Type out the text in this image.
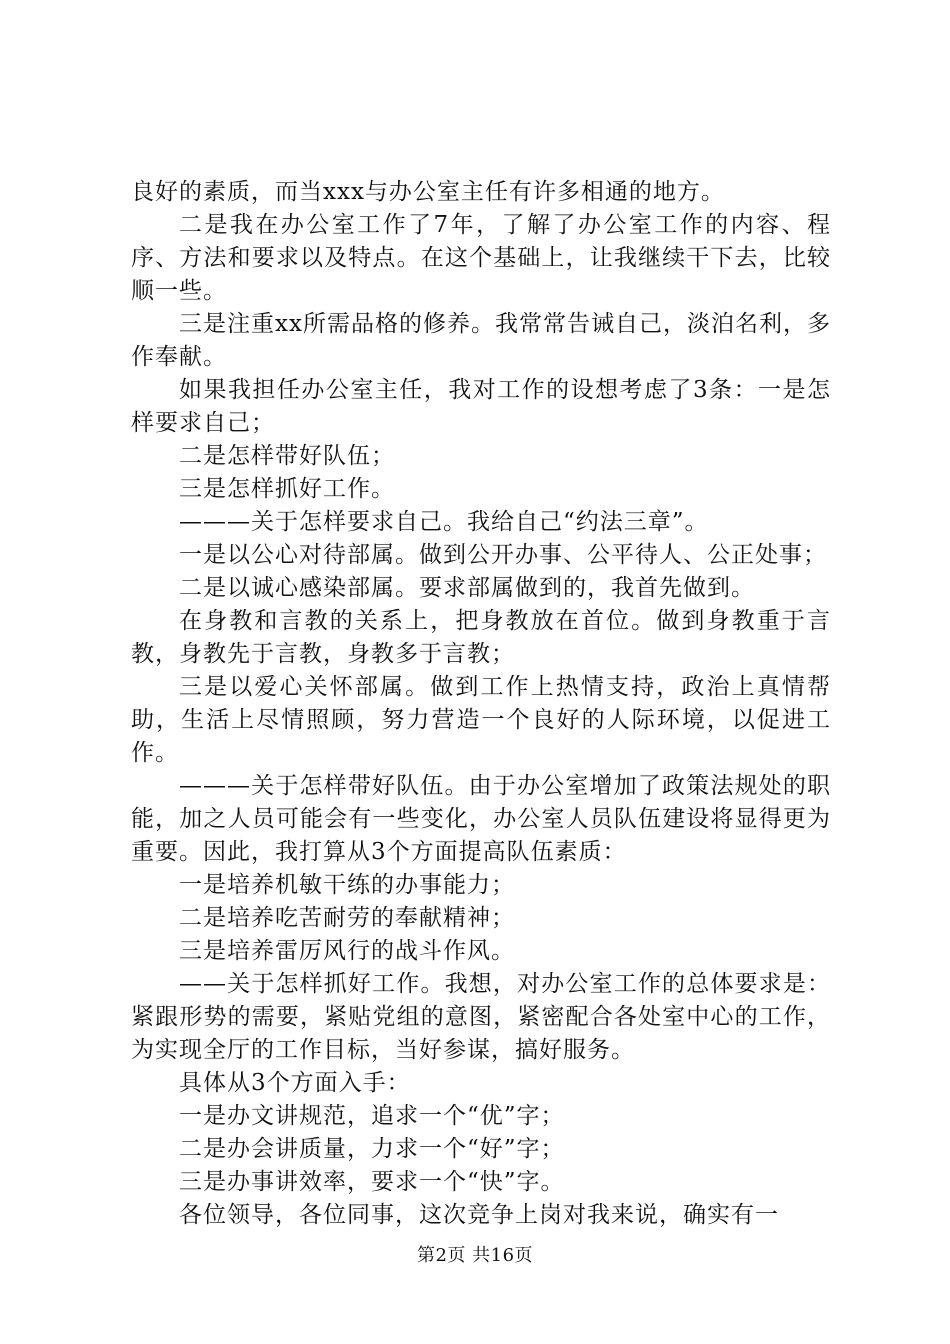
良好的素质，而当xxx与办公室主任有许多相通的地方。

二是我在办公室工作了7年，了解了办公室工作的内容、程序、方法和要求以及特点。在这个基础上，让我继续干下去，比较顺一些。

三是注重xx所需品格的修养。我常常告诫自己，淡泊名利，多作奉献。

如果我担任办公室主任，我对工作的设想考虑了3条：一是怎样要求自己；

二是怎样带好队伍；

三是怎样抓好工作。

———关于怎样要求自己。我给自己“约法三章”。

一是以公心对待部属。做到公开办事、公平待人、公正处事；

二是以诚心感染部属。要求部属做到的，我首先做到。

在身教和言教的关系上，把身教放在首位。做到身教重于言教，身教先于言教，身教多于言教；

三是以爱心关怀部属。做到工作上热情支持，政治上真情帮助，生活上尽情照顾，努力营造一个良好的人际环境，以促进工作。

———关于怎样带好队伍。由于办公室增加了政策法规处的职能，加之人员可能会有一些变化，办公室人员队伍建设将显得更为重要。因此，我打算从3个方面提高队伍素质：

一是培养机敏干练的办事能力；

二是培养吃苦耐劳的奉献精神；

三是培养雷厉风行的战斗作风。

——关于怎样抓好工作。我想，对办公室工作的总体要求是：紧跟形势的需要，紧贴党组的意图，紧密配合各处室中心的工作，为实现全厅的工作目标，当好参谋，搞好服务。

具体从3个方面入手：

一是办文讲规范，追求一个“优”字；

二是办会讲质量，力求一个“好”字；

三是办事讲效率，要求一个“快”字。

各位领导，各位同事，这次竞争上岗对我来说，确实有一

第2页 共16页
